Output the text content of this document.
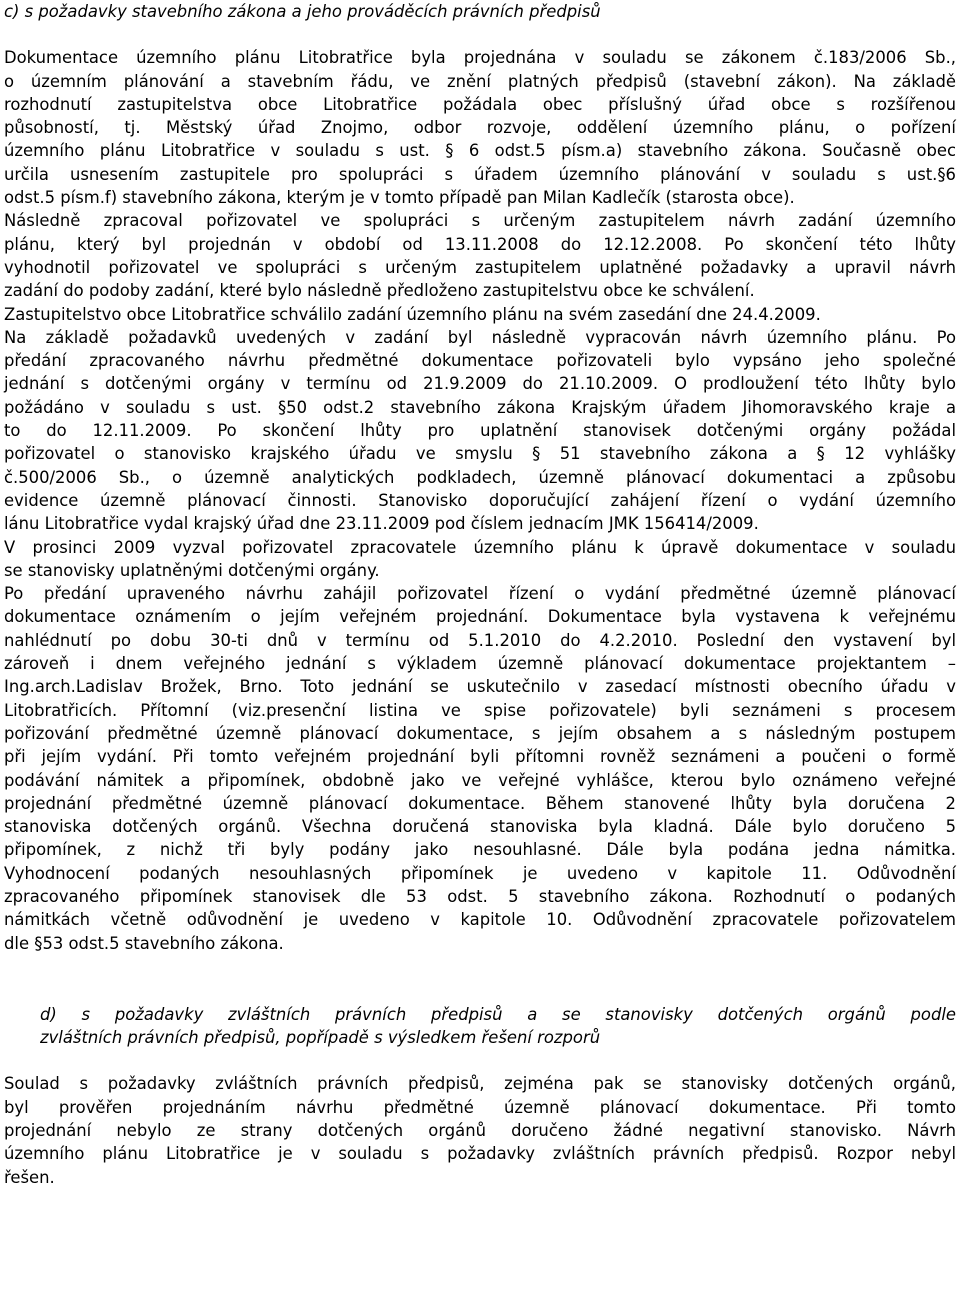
c) s požadavky stavebního zákona a jeho prováděcích právních předpisů
Dokumentace územního plánu Litobratřice byla projednána v souladu se zákonem č.183/2006 Sb.,
o územním plánování a stavebním řádu, ve znění platných předpisů (stavební zákon). Na základě
rozhodnutí zastupitelstva obce Litobratřice požádala obec příslušný úřad obce s rozšířenou
působností, tj. Městský úřad Znojmo, odbor rozvoje, oddělení územního plánu, o pořízení
územního plánu Litobratřice v souladu s ust. § 6 odst.5 písm.a) stavebního zákona. Současně obec
určila usnesením zastupitele pro spolupráci s úřadem územního plánování v souladu s ust.§6
odst.5 písm.f) stavebního zákona, kterým je v tomto případě pan Milan Kadlečík (starosta obce).
Následně zpracoval pořizovatel ve spolupráci s určeným zastupitelem návrh zadání územního
plánu, který byl projednán v období od 13.11.2008 do 12.12.2008. Po skončení této lhůty
vyhodnotil pořizovatel ve spolupráci s určeným zastupitelem uplatněné požadavky a upravil návrh
zadání do podoby zadání, které bylo následně předloženo zastupitelstvu obce ke schválení.
Zastupitelstvo obce Litobratřice schválilo zadání územního plánu na svém zasedání dne 24.4.2009.
Na základě požadavků uvedených v zadání byl následně vypracován návrh územního plánu. Po
předání zpracovaného návrhu předmětné dokumentace pořizovateli bylo vypsáno jeho společné
jednání s dotčenými orgány v termínu od 21.9.2009 do 21.10.2009. O prodloužení této lhůty bylo
požádáno v souladu s ust. §50 odst.2 stavebního zákona Krajským úřadem Jihomoravského kraje a
to do 12.11.2009. Po skončení lhůty pro uplatnění stanovisek dotčenými orgány požádal
pořizovatel o stanovisko krajského úřadu ve smyslu § 51 stavebního zákona a § 12 vyhlášky
č.500/2006 Sb., o územně analytických podkladech, územně plánovací dokumentaci a způsobu
evidence územně plánovací činnosti. Stanovisko doporučující zahájení řízení o vydání územního
lánu Litobratřice vydal krajský úřad dne 23.11.2009 pod číslem jednacím JMK 156414/2009.
V prosinci 2009 vyzval pořizovatel zpracovatele územního plánu k úpravě dokumentace v souladu
se stanovisky uplatněnými dotčenými orgány.
Po předání upraveného návrhu zahájil pořizovatel řízení o vydání předmětné územně plánovací
dokumentace oznámením o jejím veřejném projednání. Dokumentace byla vystavena k veřejnému
nahlédnutí po dobu 30-ti dnů v termínu od 5.1.2010 do 4.2.2010. Poslední den vystavení byl
zároveň i dnem veřejného jednání s výkladem územně plánovací dokumentace projektantem –
Ing.arch.Ladislav Brožek, Brno. Toto jednání se uskutečnilo v zasedací místnosti obecního úřadu v
Litobratřicích. Přítomní (viz.presenční listina ve spise pořizovatele) byli seznámeni s procesem
pořizování předmětné územně plánovací dokumentace, s jejím obsahem a s následným postupem
při jejím vydání. Při tomto veřejném projednání byli přítomni rovněž seznámeni a poučeni o formě
podávání námitek a připomínek, obdobně jako ve veřejné vyhlášce, kterou bylo oznámeno veřejné
projednání předmětné územně plánovací dokumentace. Během stanovené lhůty byla doručena 2
stanoviska dotčených orgánů. Všechna doručená stanoviska byla kladná. Dále bylo doručeno 5
připomínek, z nichž tři byly podány jako nesouhlasné. Dále byla podána jedna námitka.
Vyhodnocení podaných nesouhlasných připomínek je uvedeno v kapitole 11. Odůvodnění
zpracovaného připomínek stanovisek dle 53 odst. 5 stavebního zákona. Rozhodnutí o podaných
námitkách včetně odůvodnění je uvedeno v kapitole 10. Odůvodnění zpracovatele pořizovatelem
dle §53 odst.5 stavebního zákona.
d) s požadavky zvláštních právních předpisů a se stanovisky dotčených orgánů podle
zvláštních právních předpisů, popřípadě s výsledkem řešení rozporů
Soulad s požadavky zvláštních právních předpisů, zejména pak se stanovisky dotčených orgánů,
byl prověřen projednáním návrhu předmětné územně plánovací dokumentace. Při tomto
projednání nebylo ze strany dotčených orgánů doručeno žádné negativní stanovisko. Návrh
územního plánu Litobratřice je v souladu s požadavky zvláštních právních předpisů. Rozpor nebyl
řešen.
